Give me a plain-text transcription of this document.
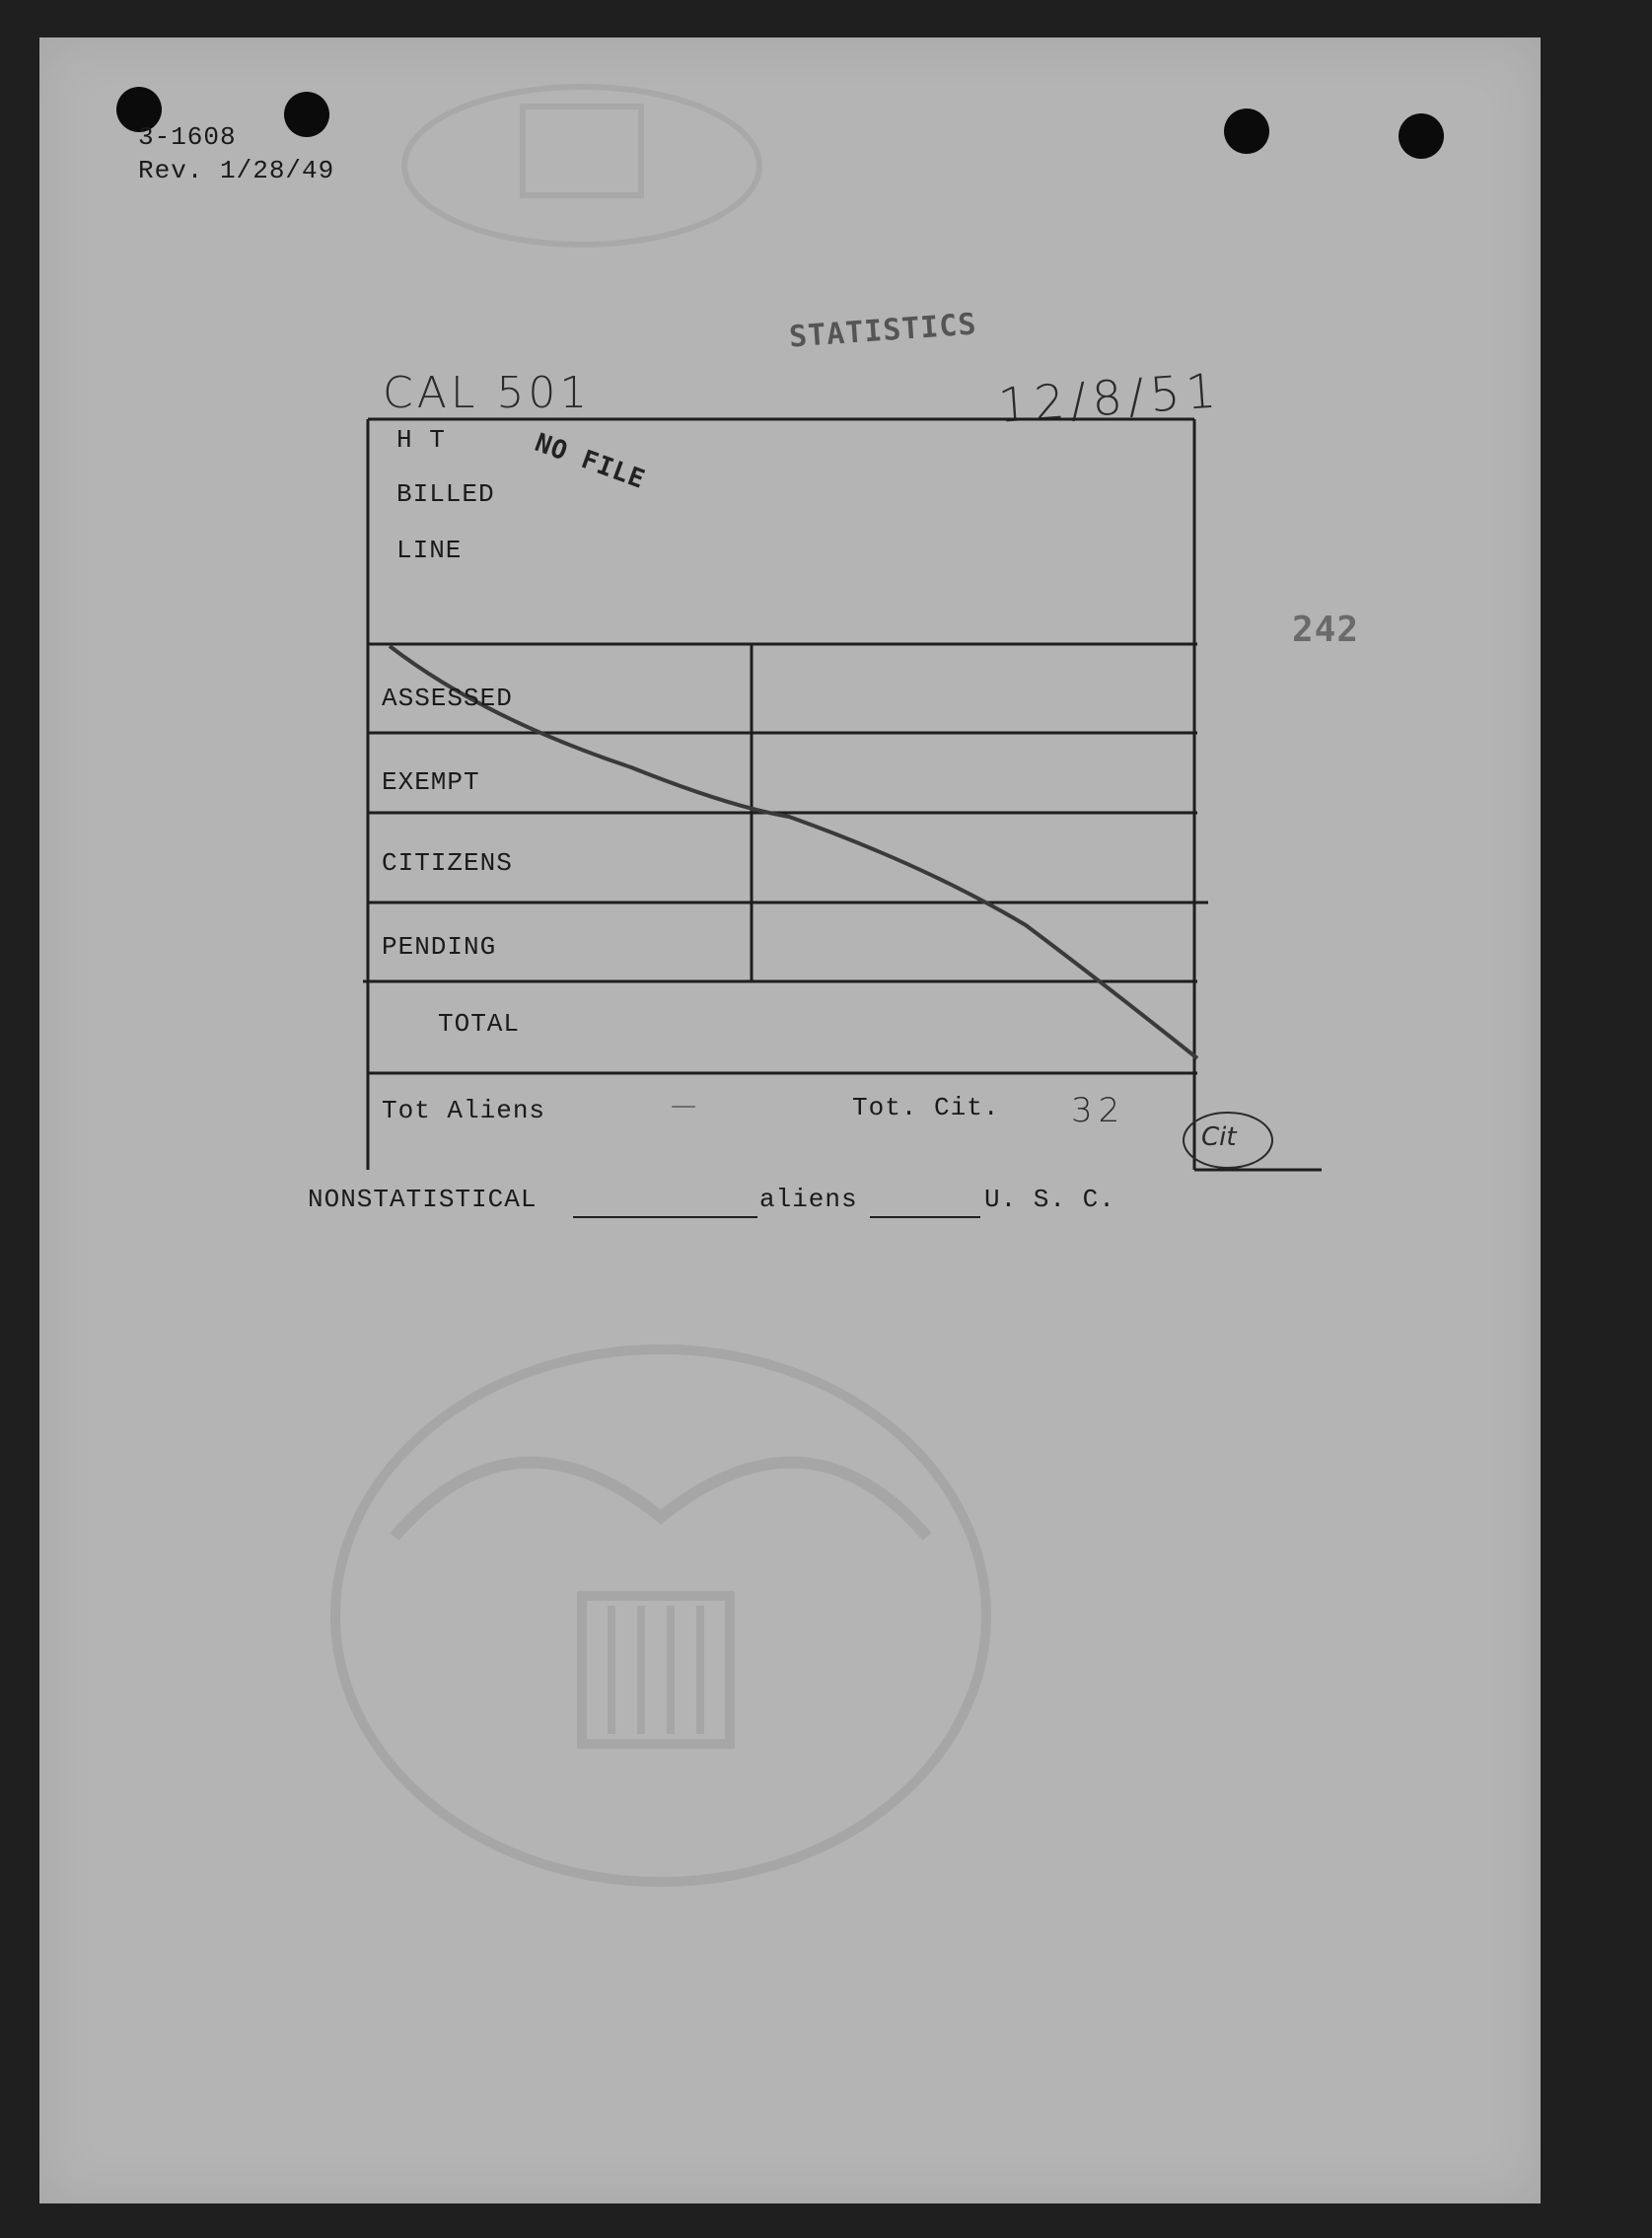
3-1608
Rev. 1/28/49
STATISTICS
CAL 501	12/8/51
242
H T
BILLED
LINE
NO FILE
ASSESSED
EXEMPT
CITIZENS
PENDING
TOTAL
Tot Aliens	—	Tot. Cit. 32
Cit
NONSTATISTICAL	aliens	U. S. C.
